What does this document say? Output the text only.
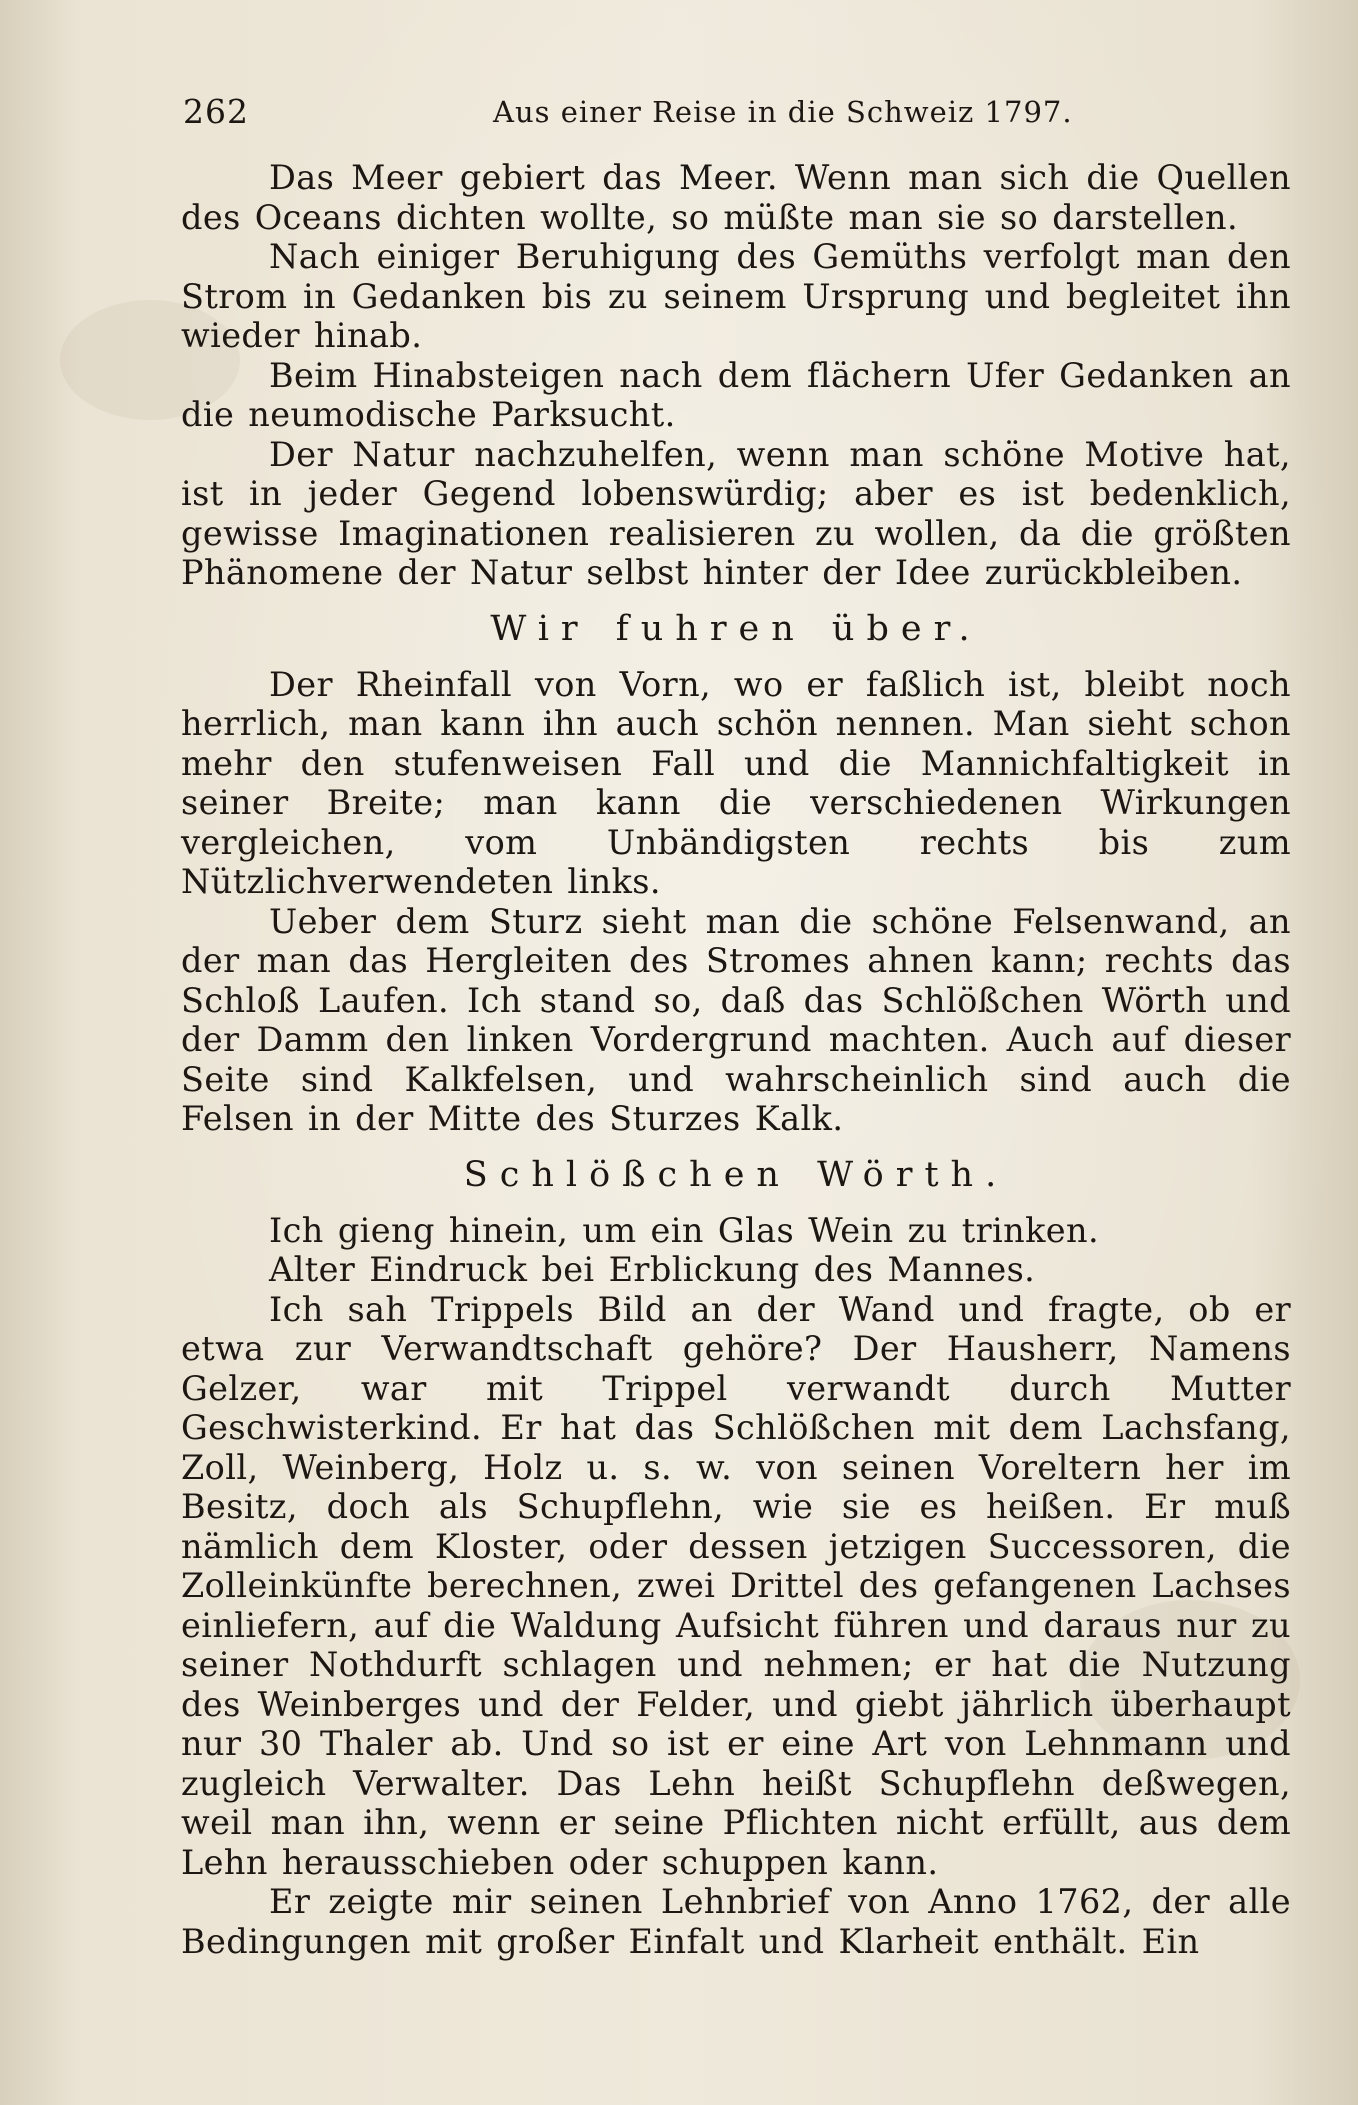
262	Aus einer Reise in die Schweiz 1797.

Das Meer gebiert das Meer. Wenn man sich die Quellen des Oceans dichten wollte, so müßte man sie so darstellen.

Nach einiger Beruhigung des Gemüths verfolgt man den Strom in Gedanken bis zu seinem Ursprung und begleitet ihn wieder hinab.

Beim Hinabsteigen nach dem flächern Ufer Gedanken an die neumodische Parksucht.

Der Natur nachzuhelfen, wenn man schöne Motive hat, ist in jeder Gegend lobenswürdig; aber es ist bedenklich, gewisse Imaginationen realisieren zu wollen, da die größten Phänomene der Natur selbst hinter der Idee zurückbleiben.

Wir fuhren über.

Der Rheinfall von Vorn, wo er faßlich ist, bleibt noch herrlich, man kann ihn auch schön nennen. Man sieht schon mehr den stufenweisen Fall und die Mannichfaltigkeit in seiner Breite; man kann die verschiedenen Wirkungen vergleichen, vom Unbändigsten rechts bis zum Nützlichverwendeten links.

Ueber dem Sturz sieht man die schöne Felsenwand, an der man das Hergleiten des Stromes ahnen kann; rechts das Schloß Laufen. Ich stand so, daß das Schlößchen Wörth und der Damm den linken Vordergrund machten. Auch auf dieser Seite sind Kalkfelsen, und wahrscheinlich sind auch die Felsen in der Mitte des Sturzes Kalk.

Schlößchen Wörth.

Ich gieng hinein, um ein Glas Wein zu trinken.

Alter Eindruck bei Erblickung des Mannes.

Ich sah Trippels Bild an der Wand und fragte, ob er etwa zur Verwandtschaft gehöre? Der Hausherr, Namens Gelzer, war mit Trippel verwandt durch Mutter Geschwisterkind. Er hat das Schlößchen mit dem Lachsfang, Zoll, Weinberg, Holz u. s. w. von seinen Voreltern her im Besitz, doch als Schupflehn, wie sie es heißen. Er muß nämlich dem Kloster, oder dessen jetzigen Successoren, die Zolleinkünfte berechnen, zwei Drittel des gefangenen Lachses einliefern, auf die Waldung Aufsicht führen und daraus nur zu seiner Nothdurft schlagen und nehmen; er hat die Nutzung des Weinberges und der Felder, und giebt jährlich überhaupt nur 30 Thaler ab. Und so ist er eine Art von Lehnmann und zugleich Verwalter. Das Lehn heißt Schupflehn deßwegen, weil man ihn, wenn er seine Pflichten nicht erfüllt, aus dem Lehn herausschieben oder schuppen kann.

Er zeigte mir seinen Lehnbrief von Anno 1762, der alle Bedingungen mit großer Einfalt und Klarheit enthält. Ein
